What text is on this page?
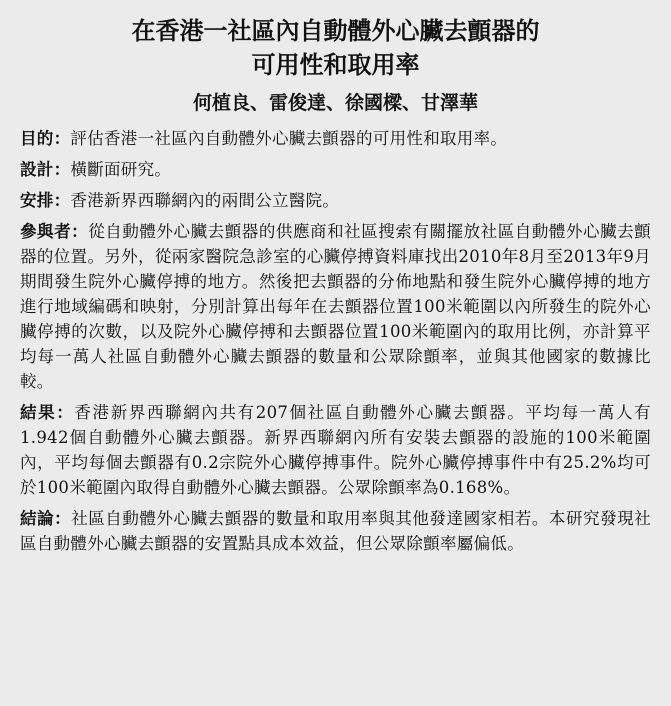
在香港一社區內自動體外心臟去顫器的
可用性和取用率
何植良、雷俊達、徐國樑、甘澤華

目的：評估香港一社區內自動體外心臟去顫器的可用性和取用率。

設計：橫斷面研究。

安排：香港新界西聯網內的兩間公立醫院。

參與者：從自動體外心臟去顫器的供應商和社區搜索有關擺放社區自動體外心臟去顫器的位置。另外，從兩家醫院急診室的心臟停搏資料庫找出2010年8月至2013年9月期間發生院外心臟停搏的地方。然後把去顫器的分佈地點和發生院外心臟停搏的地方進行地域編碼和映射，分別計算出每年在去顫器位置100米範圍以內所發生的院外心臟停搏的次數，以及院外心臟停搏和去顫器位置100米範圍內的取用比例，亦計算平均每一萬人社區自動體外心臟去顫器的數量和公眾除顫率，並與其他國家的數據比較。

結果：香港新界西聯網內共有207個社區自動體外心臟去顫器。平均每一萬人有1.942個自動體外心臟去顫器。新界西聯網內所有安裝去顫器的設施的100米範圍內，平均每個去顫器有0.2宗院外心臟停搏事件。院外心臟停搏事件中有25.2%均可於100米範圍內取得自動體外心臟去顫器。公眾除顫率為0.168%。

結論：社區自動體外心臟去顫器的數量和取用率與其他發達國家相若。本研究發現社區自動體外心臟去顫器的安置點具成本效益，但公眾除顫率屬偏低。
